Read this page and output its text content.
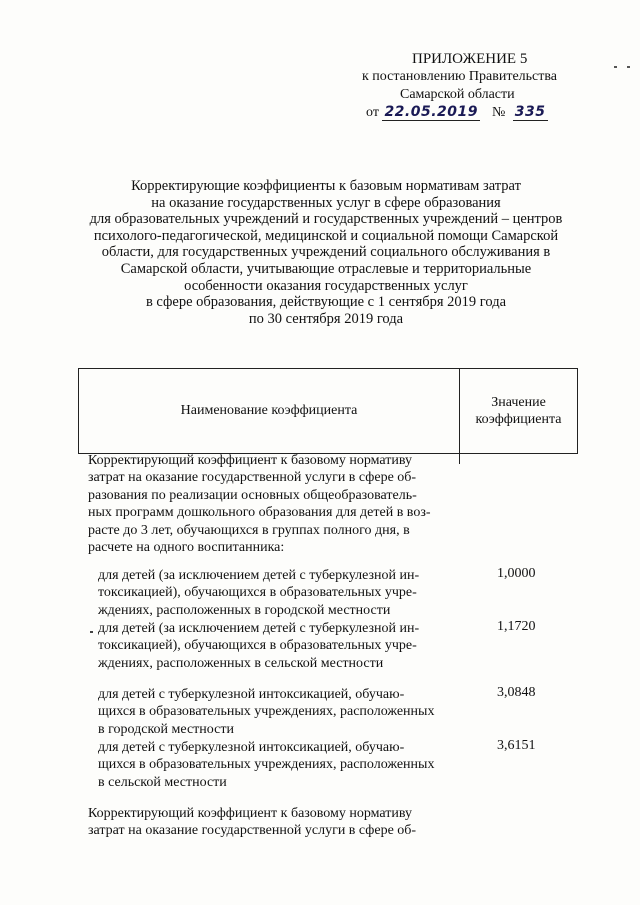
ПРИЛОЖЕНИЕ 5
к постановлению Правительства
Самарской области
от 22.05.2019 № 335
Корректирующие коэффициенты к базовым нормативам затрат
на оказание государственных услуг в сфере образования
для образовательных учреждений и государственных учреждений – центров
психолого-педагогической, медицинской и социальной помощи Самарской
области, для государственных учреждений социального обслуживания в
Самарской области, учитывающие отраслевые и территориальные
особенности оказания государственных услуг
в сфере образования, действующие с 1 сентября 2019 года
по 30 сентября 2019 года
Наименование коэффициента
Значение
коэффициента
Корректирующий коэффициент к базовому нормативу
затрат на оказание государственной услуги в сфере об-
разования по реализации основных общеобразователь-
ных программ дошкольного образования для детей в воз-
расте до 3 лет, обучающихся в группах полного дня, в
расчете на одного воспитанника:
для детей (за исключением детей с туберкулезной ин-
токсикацией), обучающихся в образовательных учре-
ждениях, расположенных в городской местности
1,0000
для детей (за исключением детей с туберкулезной ин-
токсикацией), обучающихся в образовательных учре-
ждениях, расположенных в сельской местности
1,1720
для детей с туберкулезной интоксикацией, обучаю-
щихся в образовательных учреждениях, расположенных
в городской местности
3,0848
для детей с туберкулезной интоксикацией, обучаю-
щихся в образовательных учреждениях, расположенных
в сельской местности
3,6151
Корректирующий коэффициент к базовому нормативу
затрат на оказание государственной услуги в сфере об-
